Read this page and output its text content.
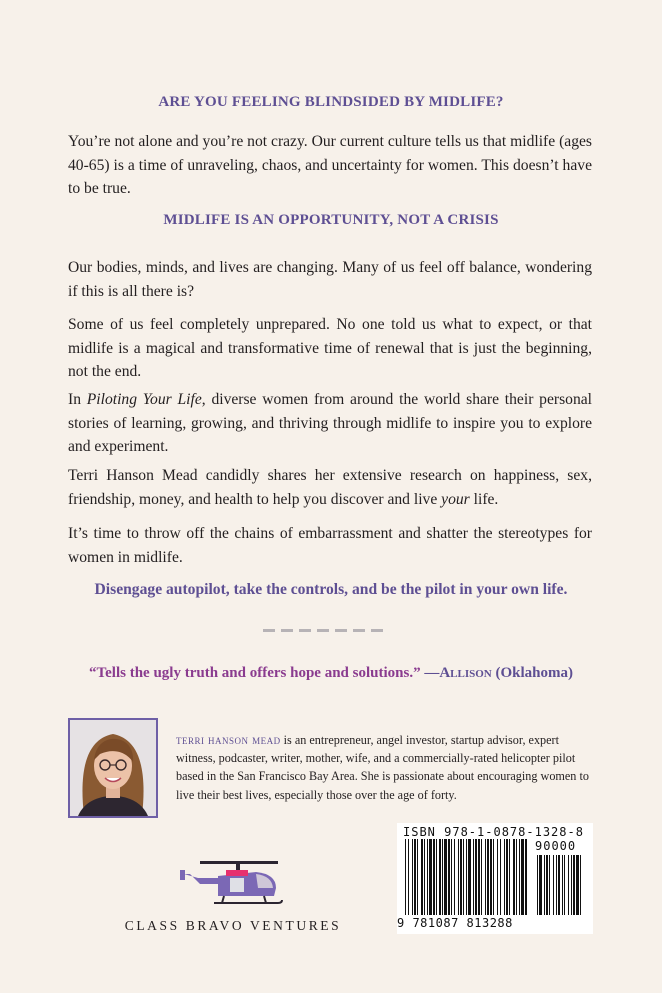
ARE YOU FEELING BLINDSIDED BY MIDLIFE?
You’re not alone and you’re not crazy. Our current culture tells us that midlife (ages 40-65) is a time of unraveling, chaos, and uncertainty for women. This doesn’t have to be true.
MIDLIFE IS AN OPPORTUNITY, NOT A CRISIS
Our bodies, minds, and lives are changing. Many of us feel off balance, wondering if this is all there is?
Some of us feel completely unprepared. No one told us what to expect, or that midlife is a magical and transformative time of renewal that is just the beginning, not the end.
In Piloting Your Life, diverse women from around the world share their personal stories of learning, growing, and thriving through midlife to inspire you to explore and experiment.
Terri Hanson Mead candidly shares her extensive research on happiness, sex, friendship, money, and health to help you discover and live your life.
It’s time to throw off the chains of embarrassment and shatter the stereotypes for women in midlife.
Disengage autopilot, take the controls, and be the pilot in your own life.
“Tells the ugly truth and offers hope and solutions.” —Allison (Oklahoma)
terri hanson mead is an entrepreneur, angel investor, startup advisor, expert witness, podcaster, writer, mother, wife, and a commercially-rated helicopter pilot based in the San Francisco Bay Area. She is passionate about encouraging women to live their best lives, especially those over the age of forty.
CLASS BRAVO VENTURES
ISBN 978-1-0878-1328-8
90000
9 781087 813288
